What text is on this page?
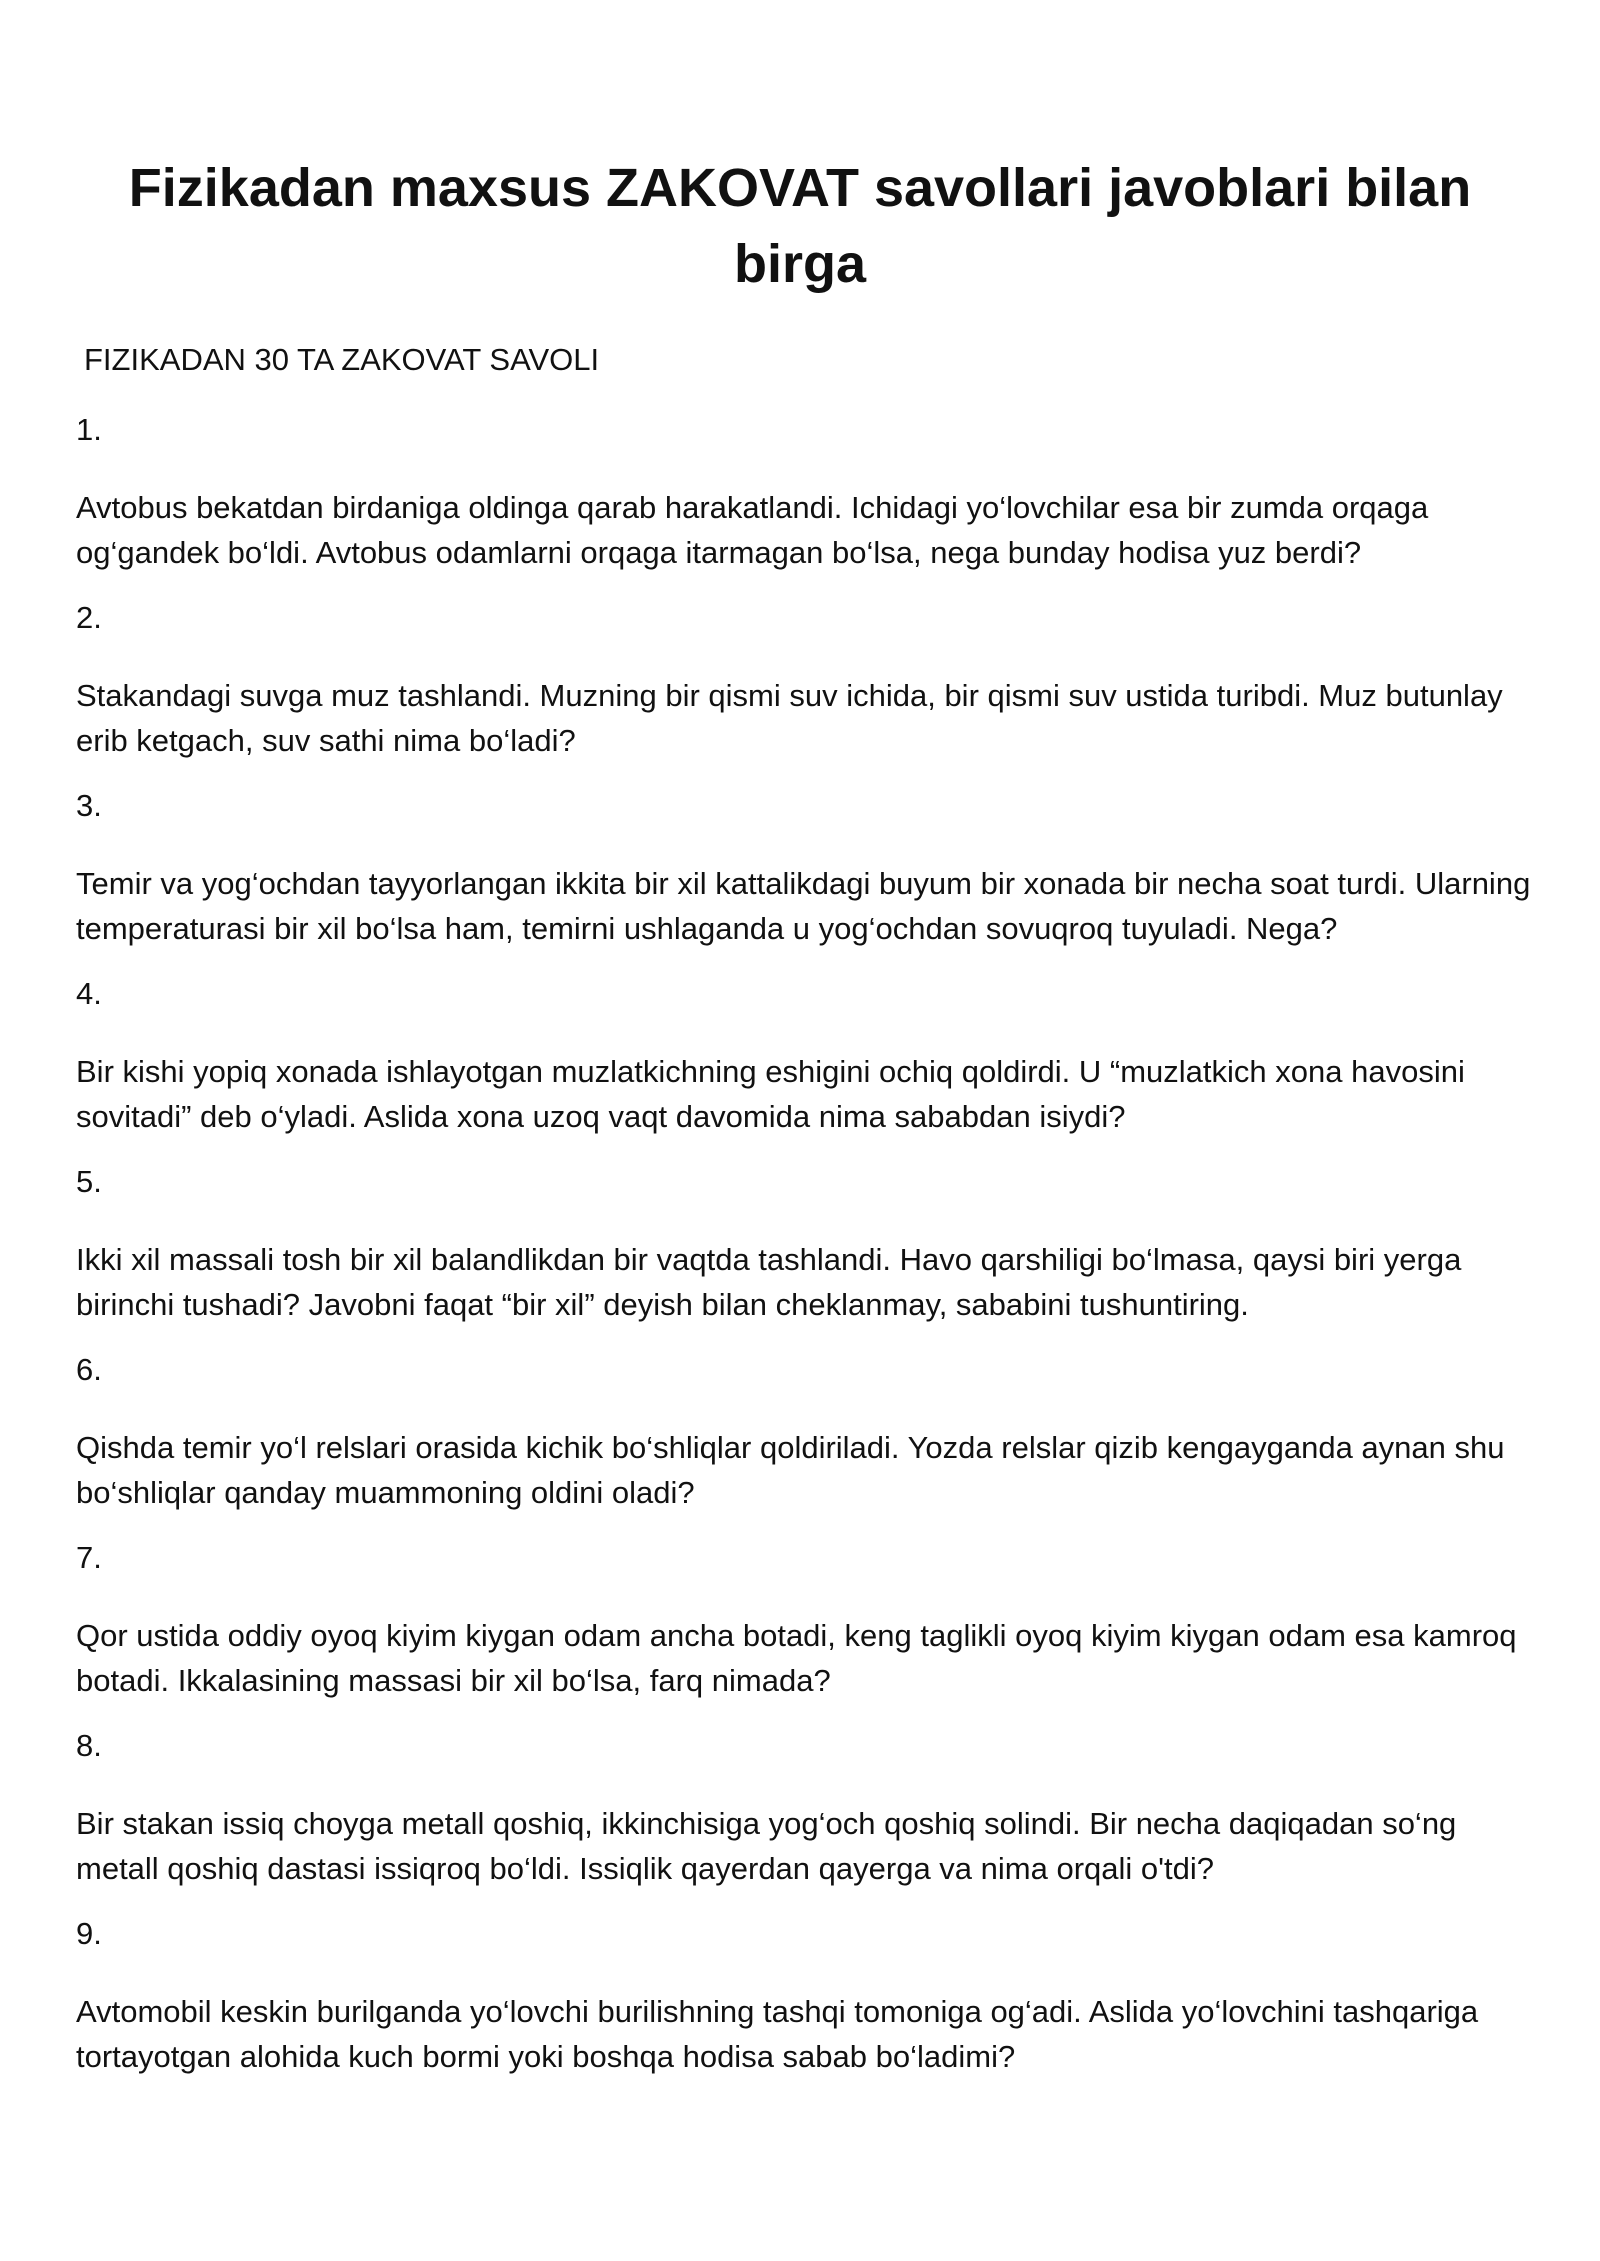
Fizikadan maxsus ZAKOVAT savollari javoblari bilan birga

FIZIKADAN 30 TA ZAKOVAT SAVOLI

1.

Avtobus bekatdan birdaniga oldinga qarab harakatlandi. Ichidagi yo‘lovchilar esa bir zumda orqaga og‘gandek bo‘ldi. Avtobus odamlarni orqaga itarmagan bo‘lsa, nega bunday hodisa yuz berdi?

2.

Stakandagi suvga muz tashlandi. Muzning bir qismi suv ichida, bir qismi suv ustida turibdi. Muz butunlay erib ketgach, suv sathi nima bo‘ladi?

3.

Temir va yog‘ochdan tayyorlangan ikkita bir xil kattalikdagi buyum bir xonada bir necha soat turdi. Ularning temperaturasi bir xil bo‘lsa ham, temirni ushlaganda u yog‘ochdan sovuqroq tuyuladi. Nega?

4.

Bir kishi yopiq xonada ishlayotgan muzlatkichning eshigini ochiq qoldirdi. U “muzlatkich xona havosini sovitadi” deb o‘yladi. Aslida xona uzoq vaqt davomida nima sababdan isiydi?

5.

Ikki xil massali tosh bir xil balandlikdan bir vaqtda tashlandi. Havo qarshiligi bo‘lmasa, qaysi biri yerga birinchi tushadi? Javobni faqat “bir xil” deyish bilan cheklanmay, sababini tushuntiring.

6.

Qishda temir yo‘l relslari orasida kichik bo‘shliqlar qoldiriladi. Yozda relslar qizib kengayganda aynan shu bo‘shliqlar qanday muammoning oldini oladi?

7.

Qor ustida oddiy oyoq kiyim kiygan odam ancha botadi, keng taglikli oyoq kiyim kiygan odam esa kamroq botadi. Ikkalasining massasi bir xil bo‘lsa, farq nimada?

8.

Bir stakan issiq choyga metall qoshiq, ikkinchisiga yog‘och qoshiq solindi. Bir necha daqiqadan so‘ng metall qoshiq dastasi issiqroq bo‘ldi. Issiqlik qayerdan qayerga va nima orqali o'tdi?

9.

Avtomobil keskin burilganda yo‘lovchi burilishning tashqi tomoniga og‘adi. Aslida yo‘lovchini tashqariga tortayotgan alohida kuch bormi yoki boshqa hodisa sabab bo‘ladimi?
